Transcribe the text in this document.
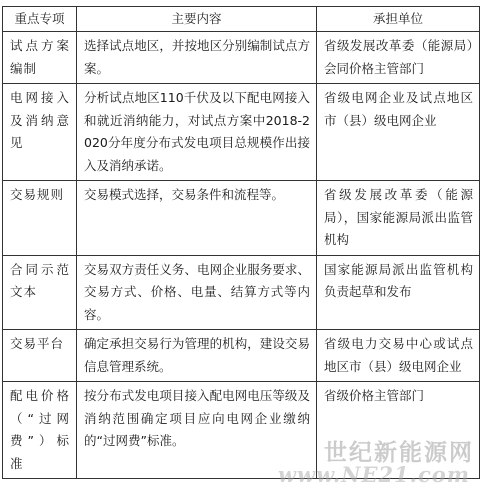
重点专项	主要内容	承担单位
试点方案编制	选择试点地区，并按地区分别编制试点方案。	省级发展改革委（能源局）会同价格主管部门
电网接入及消纳意见	分析试点地区110千伏及以下配电网接入和就近消纳能力，对试点方案中2018-2020分年度分布式发电项目总规模作出接入及消纳承诺。	省级电网企业及试点地区市（县）级电网企业
交易规则	交易模式选择，交易条件和流程等。	省级发展改革委（能源局），国家能源局派出监管机构
合同示范文本	交易双方责任义务、电网企业服务要求、交易方式、价格、电量、结算方式等内容。	国家能源局派出监管机构负责起草和发布
交易平台	确定承担交易行为管理的机构，建设交易信息管理系统。	省级电力交易中心或试点地区市（县）级电网企业
配电价格（“过网费”）标准	按分布式发电项目接入配电网电压等级及消纳范围确定项目应向电网企业缴纳的“过网费”标准。	省级价格主管部门
世纪新能源网
www.NE21.com
